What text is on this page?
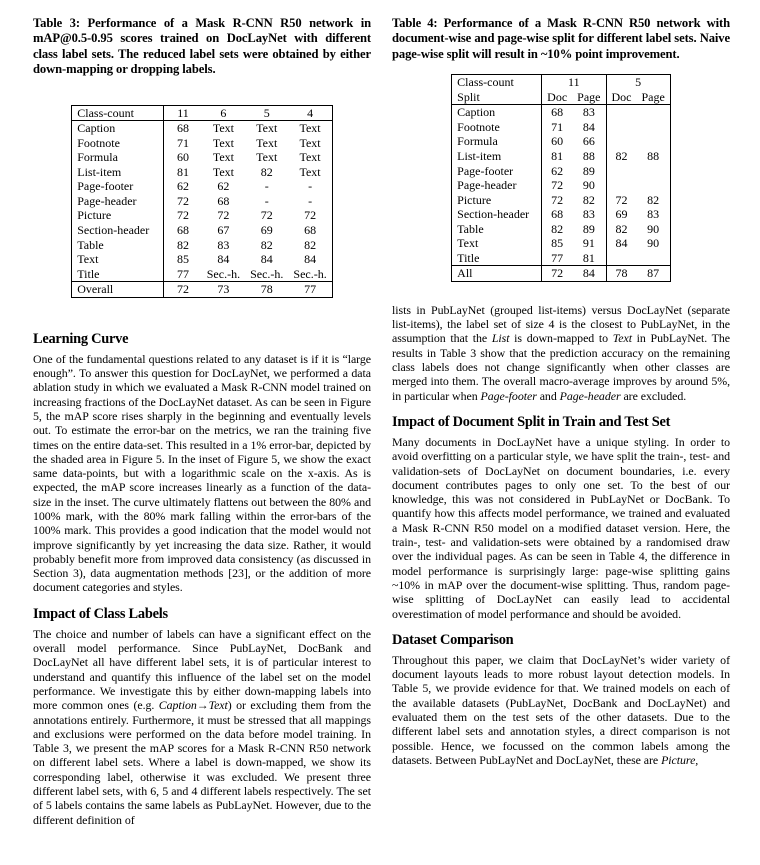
Table 3: Performance of a Mask R-CNN R50 network in mAP@0.5-0.95 scores trained on DocLayNet with different class label sets. The reduced label sets were obtained by either down-mapping or dropping labels.
Class-count	11	6	5	4
Caption	68	Text	Text	Text
Footnote	71	Text	Text	Text
Formula	60	Text	Text	Text
List-item	81	Text	82	Text
Page-footer	62	62	-	-
Page-header	72	68	-	-
Picture	72	72	72	72
Section-header	68	67	69	68
Table	82	83	82	82
Text	85	84	84	84
Title	77	Sec.-h.	Sec.-h.	Sec.-h.
Overall	72	73	78	77
Learning Curve
One of the fundamental questions related to any dataset is if it is “large enough”. To answer this question for DocLayNet, we performed a data ablation study in which we evaluated a Mask R-CNN model trained on increasing fractions of the DocLayNet dataset. As can be seen in Figure 5, the mAP score rises sharply in the beginning and eventually levels out. To estimate the error-bar on the metrics, we ran the training five times on the entire data-set. This resulted in a 1% error-bar, depicted by the shaded area in Figure 5. In the inset of Figure 5, we show the exact same data-points, but with a logarithmic scale on the x-axis. As is expected, the mAP score increases linearly as a function of the data-size in the inset. The curve ultimately flattens out between the 80% and 100% mark, with the 80% mark falling within the error-bars of the 100% mark. This provides a good indication that the model would not improve significantly by yet increasing the data size. Rather, it would probably benefit more from improved data consistency (as discussed in Section 3), data augmentation methods [23], or the addition of more document categories and styles.
Impact of Class Labels
The choice and number of labels can have a significant effect on the overall model performance. Since PubLayNet, DocBank and DocLayNet all have different label sets, it is of particular interest to understand and quantify this influence of the label set on the model performance. We investigate this by either down-mapping labels into more common ones (e.g. Caption→Text) or excluding them from the annotations entirely. Furthermore, it must be stressed that all mappings and exclusions were performed on the data before model training. In Table 3, we present the mAP scores for a Mask R-CNN R50 network on different label sets. Where a label is down-mapped, we show its corresponding label, otherwise it was excluded. We present three different label sets, with 6, 5 and 4 different labels respectively. The set of 5 labels contains the same labels as PubLayNet. However, due to the different definition of
Table 4: Performance of a Mask R-CNN R50 network with document-wise and page-wise split for different label sets. Naive page-wise split will result in ~10% point improvement.
Class-count	11		5	
Split	Doc	Page	Doc	Page
Caption	68	83		
Footnote	71	84		
Formula	60	66		
List-item	81	88	82	88
Page-footer	62	89		
Page-header	72	90		
Picture	72	82	72	82
Section-header	68	83	69	83
Table	82	89	82	90
Text	85	91	84	90
Title	77	81		
All	72	84	78	87
lists in PubLayNet (grouped list-items) versus DocLayNet (separate list-items), the label set of size 4 is the closest to PubLayNet, in the assumption that the List is down-mapped to Text in PubLayNet. The results in Table 3 show that the prediction accuracy on the remaining class labels does not change significantly when other classes are merged into them. The overall macro-average improves by around 5%, in particular when Page-footer and Page-header are excluded.
Impact of Document Split in Train and Test Set
Many documents in DocLayNet have a unique styling. In order to avoid overfitting on a particular style, we have split the train-, test- and validation-sets of DocLayNet on document boundaries, i.e. every document contributes pages to only one set. To the best of our knowledge, this was not considered in PubLayNet or DocBank. To quantify how this affects model performance, we trained and evaluated a Mask R-CNN R50 model on a modified dataset version. Here, the train-, test- and validation-sets were obtained by a randomised draw over the individual pages. As can be seen in Table 4, the difference in model performance is surprisingly large: page-wise splitting gains ~10% in mAP over the document-wise splitting. Thus, random page-wise splitting of DocLayNet can easily lead to accidental overestimation of model performance and should be avoided.
Dataset Comparison
Throughout this paper, we claim that DocLayNet’s wider variety of document layouts leads to more robust layout detection models. In Table 5, we provide evidence for that. We trained models on each of the available datasets (PubLayNet, DocBank and DocLayNet) and evaluated them on the test sets of the other datasets. Due to the different label sets and annotation styles, a direct comparison is not possible. Hence, we focussed on the common labels among the datasets. Between PubLayNet and DocLayNet, these are Picture,
